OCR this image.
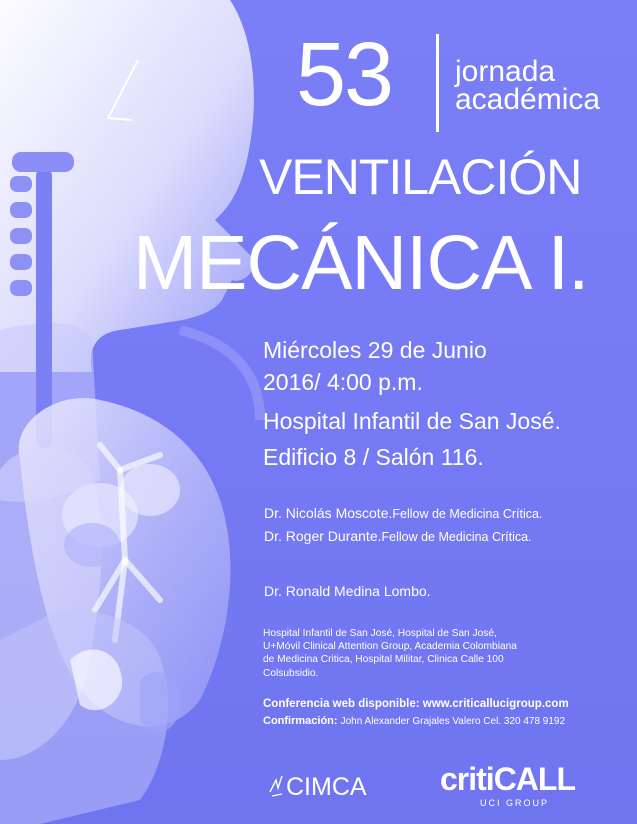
53 jornada
académica
VENTILACIÓN
MECÁNICA I.
Miércoles 29 de Junio
2016/ 4:00 p.m.
Hospital Infantil de San José.
Edificio 8 / Salón 116.
Dr. Nicolás Moscote.Fellow de Medicina Crítica.
Dr. Roger Durante.Fellow de Medicina Crítica.
Dr. Ronald Medina Lombo.
Hospital Infantil de San José, Hospital de San José,
U+Móvil Clinical Attention Group, Academia Colombiana
de Medicina Critica, Hospital Militar, Clinica Calle 100
Colsubsidio.
Conferencia web disponible: www.criticallucigroup.com
Confirmación: John Alexander Grajales Valero Cel. 320 478 9192
CIMCA critiCALL
UCI GROUP
